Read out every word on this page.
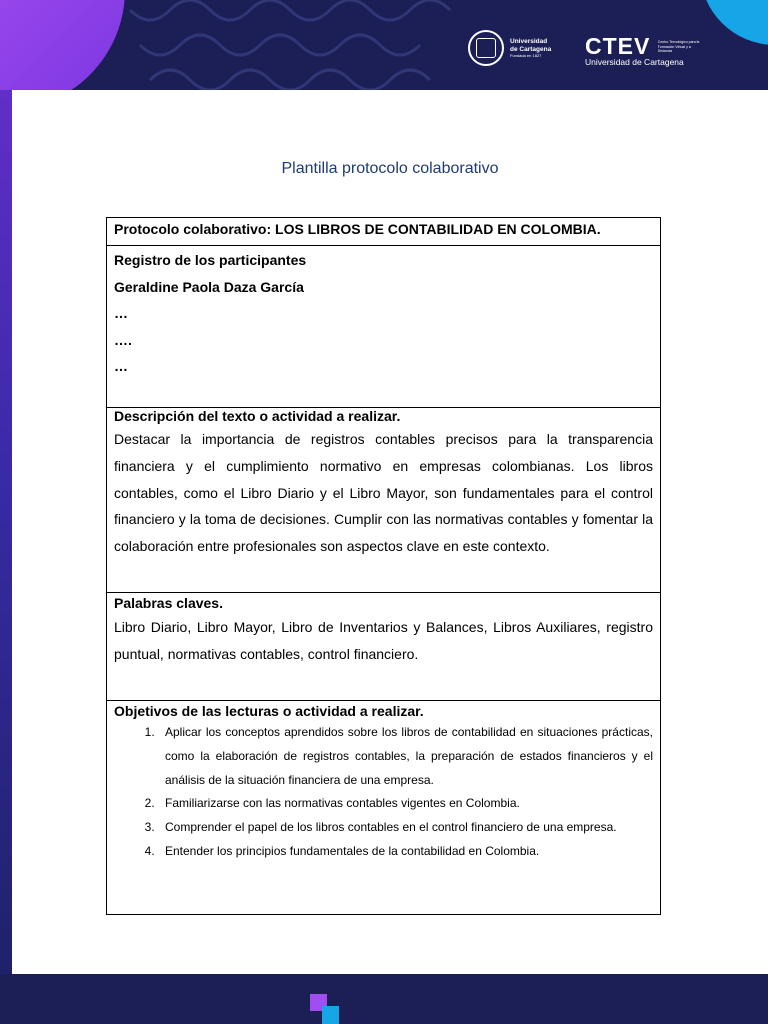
Universidad de Cartagena
Fundada en 1827	CTEV Centro Tecnológico para la Formación Virtual y a Distancia
Universidad de Cartagena
Plantilla protocolo colaborativo
Protocolo colaborativo: LOS LIBROS DE CONTABILIDAD EN COLOMBIA.
Registro de los participantes
Geraldine Paola Daza García
…
….
…
Descripción del texto o actividad a realizar.
Destacar la importancia de registros contables precisos para la transparencia financiera y el cumplimiento normativo en empresas colombianas. Los libros contables, como el Libro Diario y el Libro Mayor, son fundamentales para el control financiero y la toma de decisiones. Cumplir con las normativas contables y fomentar la colaboración entre profesionales son aspectos clave en este contexto.
Palabras claves.
Libro Diario, Libro Mayor, Libro de Inventarios y Balances, Libros Auxiliares, registro puntual, normativas contables, control financiero.
Objetivos de las lecturas o actividad a realizar.
1. Aplicar los conceptos aprendidos sobre los libros de contabilidad en situaciones prácticas, como la elaboración de registros contables, la preparación de estados financieros y el análisis de la situación financiera de una empresa.
2. Familiarizarse con las normativas contables vigentes en Colombia.
3. Comprender el papel de los libros contables en el control financiero de una empresa.
4. Entender los principios fundamentales de la contabilidad en Colombia.
